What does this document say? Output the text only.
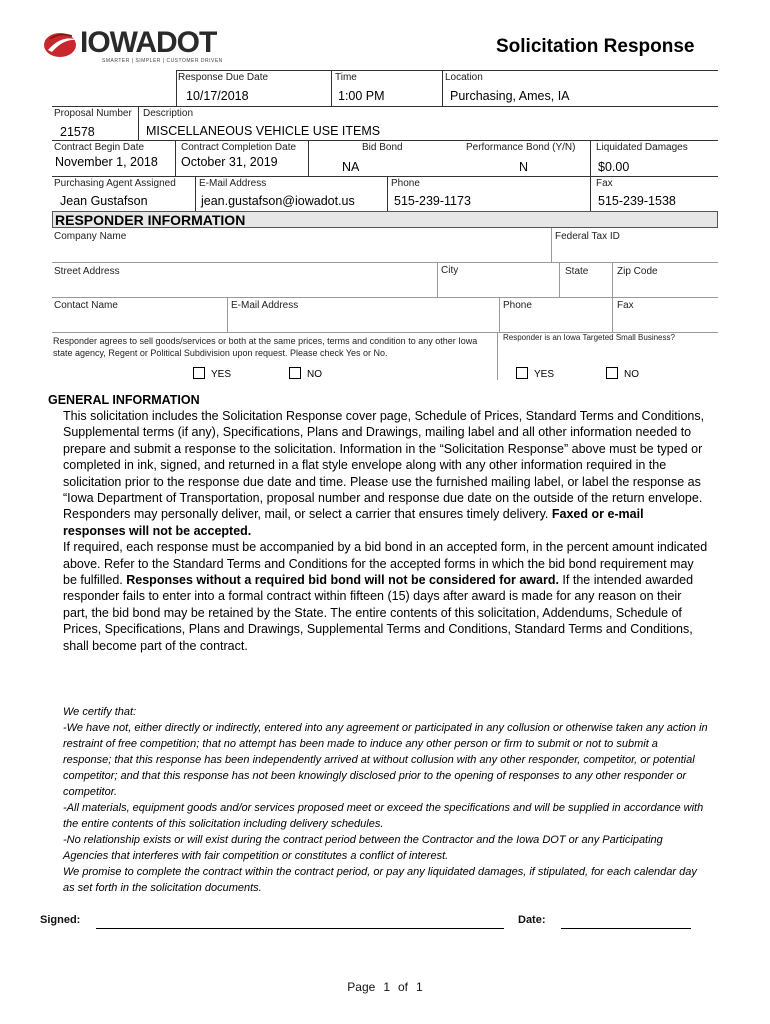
IOWADOT
SMARTER | SIMPLER | CUSTOMER DRIVEN
Solicitation Response
Response Due Date
10/17/2018
Time
1:00 PM
Location
Purchasing, Ames, IA
Proposal Number
21578
Description
MISCELLANEOUS VEHICLE USE ITEMS
Contract Begin Date
November 1, 2018
Contract Completion Date
October 31, 2019
Bid Bond
NA
Performance Bond (Y/N)
N
Liquidated Damages
$0.00
Purchasing Agent Assigned
Jean Gustafson
E-Mail Address
jean.gustafson@iowadot.us
Phone
515-239-1173
Fax
515-239-1538
RESPONDER INFORMATION
Company Name	Federal Tax ID
Street Address	City	State	Zip Code
Contact Name	E-Mail Address	Phone	Fax
Responder agrees to sell goods/services or both at the same prices, terms and condition to any other Iowa state agency, Regent or Political Subdivision upon request. Please check Yes or No.
Responder is an Iowa Targeted Small Business?
YES	NO	YES	NO
GENERAL INFORMATION

This solicitation includes the Solicitation Response cover page, Schedule of Prices, Standard Terms and Conditions, Supplemental terms (if any), Specifications, Plans and Drawings, mailing label and all other information needed to prepare and submit a response to the solicitation. Information in the “Solicitation Response” above must be typed or completed in ink, signed, and returned in a flat style envelope along with any other information required in the solicitation prior to the response due date and time. Please use the furnished mailing label, or label the response as “Iowa Department of Transportation, proposal number and response due date on the outside of the return envelope. Responders may personally deliver, mail, or select a carrier that ensures timely delivery. Faxed or e-mail responses will not be accepted.

If required, each response must be accompanied by a bid bond in an accepted form, in the percent amount indicated above. Refer to the Standard Terms and Conditions for the accepted forms in which the bid bond requirement may be fulfilled. Responses without a required bid bond will not be considered for award. If the intended awarded responder fails to enter into a formal contract within fifteen (15) days after award is made for any reason on their part, the bid bond may be retained by the State. The entire contents of this solicitation, Addendums, Schedule of Prices, Specifications, Plans and Drawings, Supplemental Terms and Conditions, Standard Terms and Conditions, shall become part of the contract.

We certify that:

-We have not, either directly or indirectly, entered into any agreement or participated in any collusion or otherwise taken any action in restraint of free competition; that no attempt has been made to induce any other person or firm to submit or not to submit a response; that this response has been independently arrived at without collusion with any other responder, competitor, or potential competitor; and that this response has not been knowingly disclosed prior to the opening of responses to any other responder or competitor.

-All materials, equipment goods and/or services proposed meet or exceed the specifications and will be supplied in accordance with the entire contents of this solicitation including delivery schedules.

-No relationship exists or will exist during the contract period between the Contractor and the Iowa DOT or any Participating Agencies that interferes with fair competition or constitutes a conflict of interest.

We promise to complete the contract within the contract period, or pay any liquidated damages, if stipulated, for each calendar day as set forth in the solicitation documents.

Signed:	Date:
Page 1 of 1
